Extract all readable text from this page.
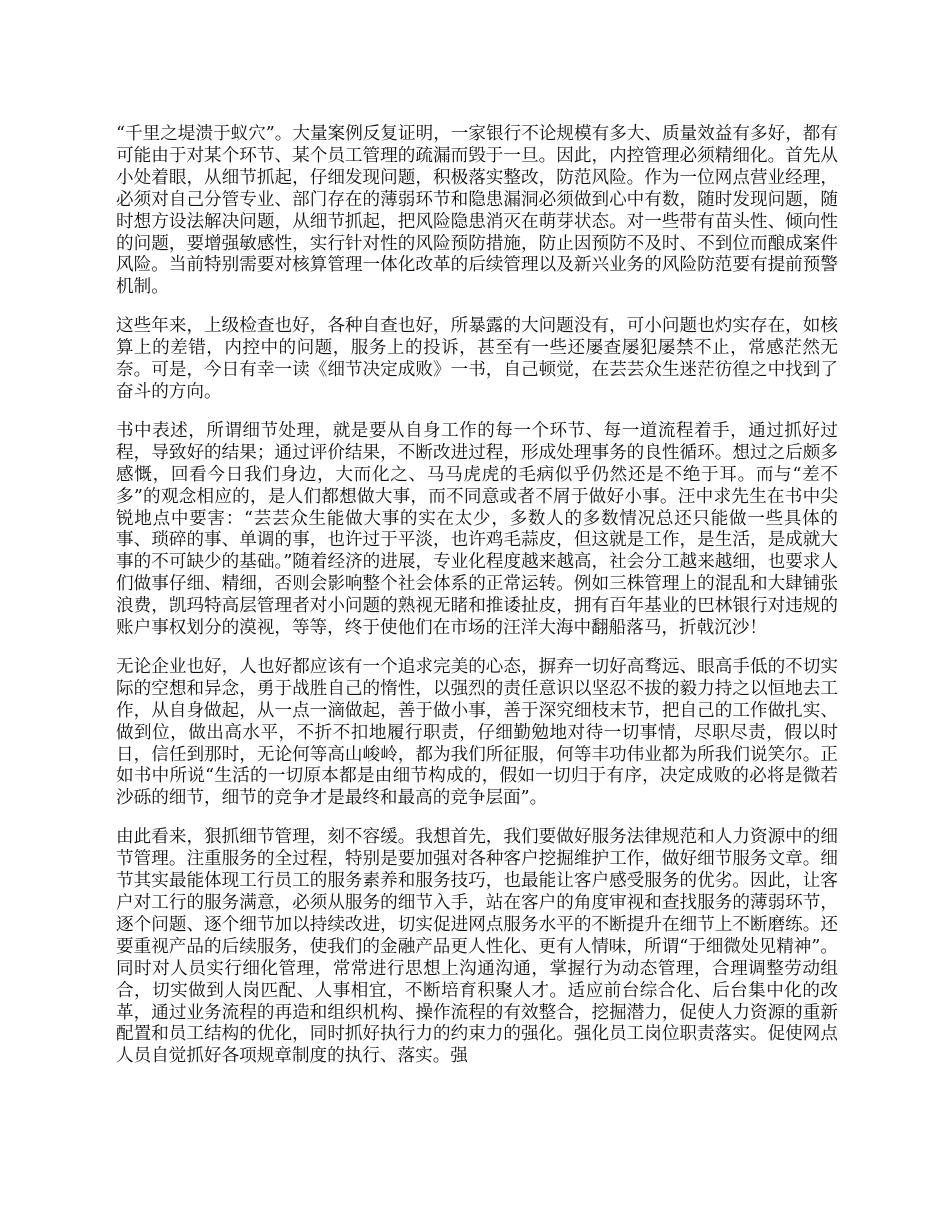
“千里之堤溃于蚁穴”。大量案例反复证明，一家银行不论规模有多大、质量效益有多好，都有可能由于对某个环节、某个员工管理的疏漏而毁于一旦。因此，内控管理必须精细化。首先从小处着眼，从细节抓起，仔细发现问题，积极落实整改，防范风险。作为一位网点营业经理，必须对自己分管专业、部门存在的薄弱环节和隐患漏洞必须做到心中有数，随时发现问题，随时想方设法解决问题，从细节抓起，把风险隐患消灭在萌芽状态。对一些带有苗头性、倾向性的问题，要增强敏感性，实行针对性的风险预防措施，防止因预防不及时、不到位而酿成案件风险。当前特别需要对核算管理一体化改革的后续管理以及新兴业务的风险防范要有提前预警机制。

这些年来，上级检查也好，各种自查也好，所暴露的大问题没有，可小问题也灼实存在，如核算上的差错，内控中的问题，服务上的投诉，甚至有一些还屡查屡犯屡禁不止，常感茫然无奈。可是，今日有幸一读《细节决定成败》一书，自己顿觉，在芸芸众生迷茫彷徨之中找到了奋斗的方向。

书中表述，所谓细节处理，就是要从自身工作的每一个环节、每一道流程着手，通过抓好过程，导致好的结果；通过评价结果，不断改进过程，形成处理事务的良性循环。想过之后颇多感慨，回看今日我们身边，大而化之、马马虎虎的毛病似乎仍然还是不绝于耳。而与“差不多”的观念相应的，是人们都想做大事，而不同意或者不屑于做好小事。汪中求先生在书中尖锐地点中要害：“芸芸众生能做大事的实在太少，多数人的多数情况总还只能做一些具体的事、琐碎的事、单调的事，也许过于平淡，也许鸡毛蒜皮，但这就是工作，是生活，是成就大事的不可缺少的基础。”随着经济的进展，专业化程度越来越高，社会分工越来越细，也要求人们做事仔细、精细，否则会影响整个社会体系的正常运转。例如三株管理上的混乱和大肆铺张浪费，凯玛特高层管理者对小问题的熟视无睹和推诿扯皮，拥有百年基业的巴林银行对违规的账户事权划分的漠视，等等，终于使他们在市场的汪洋大海中翻船落马，折戟沉沙！

无论企业也好，人也好都应该有一个追求完美的心态，摒弃一切好高骛远、眼高手低的不切实际的空想和异念，勇于战胜自己的惰性，以强烈的责任意识以坚忍不拔的毅力持之以恒地去工作，从自身做起，从一点一滴做起，善于做小事，善于深究细枝末节，把自己的工作做扎实、做到位，做出高水平，不折不扣地履行职责，仔细勤勉地对待一切事情，尽职尽责，假以时日，信任到那时，无论何等高山峻岭，都为我们所征服，何等丰功伟业都为所我们说笑尔。正如书中所说“生活的一切原本都是由细节构成的，假如一切归于有序，决定成败的必将是微若沙砾的细节，细节的竞争才是最终和最高的竞争层面”。

由此看来，狠抓细节管理，刻不容缓。我想首先，我们要做好服务法律规范和人力资源中的细节管理。注重服务的全过程，特别是要加强对各种客户挖掘维护工作，做好细节服务文章。细节其实最能体现工行员工的服务素养和服务技巧，也最能让客户感受服务的优劣。因此，让客户对工行的服务满意，必须从服务的细节入手，站在客户的角度审视和查找服务的薄弱环节，逐个问题、逐个细节加以持续改进，切实促进网点服务水平的不断提升在细节上不断磨练。还要重视产品的后续服务，使我们的金融产品更人性化、更有人情味，所谓“于细微处见精神”。同时对人员实行细化管理，常常进行思想上沟通沟通，掌握行为动态管理，合理调整劳动组合，切实做到人岗匹配、人事相宜，不断培育积聚人才。适应前台综合化、后台集中化的改革，通过业务流程的再造和组织机构、操作流程的有效整合，挖掘潜力，促使人力资源的重新配置和员工结构的优化，同时抓好执行力的约束力的强化。强化员工岗位职责落实。促使网点人员自觉抓好各项规章制度的执行、落实。强
